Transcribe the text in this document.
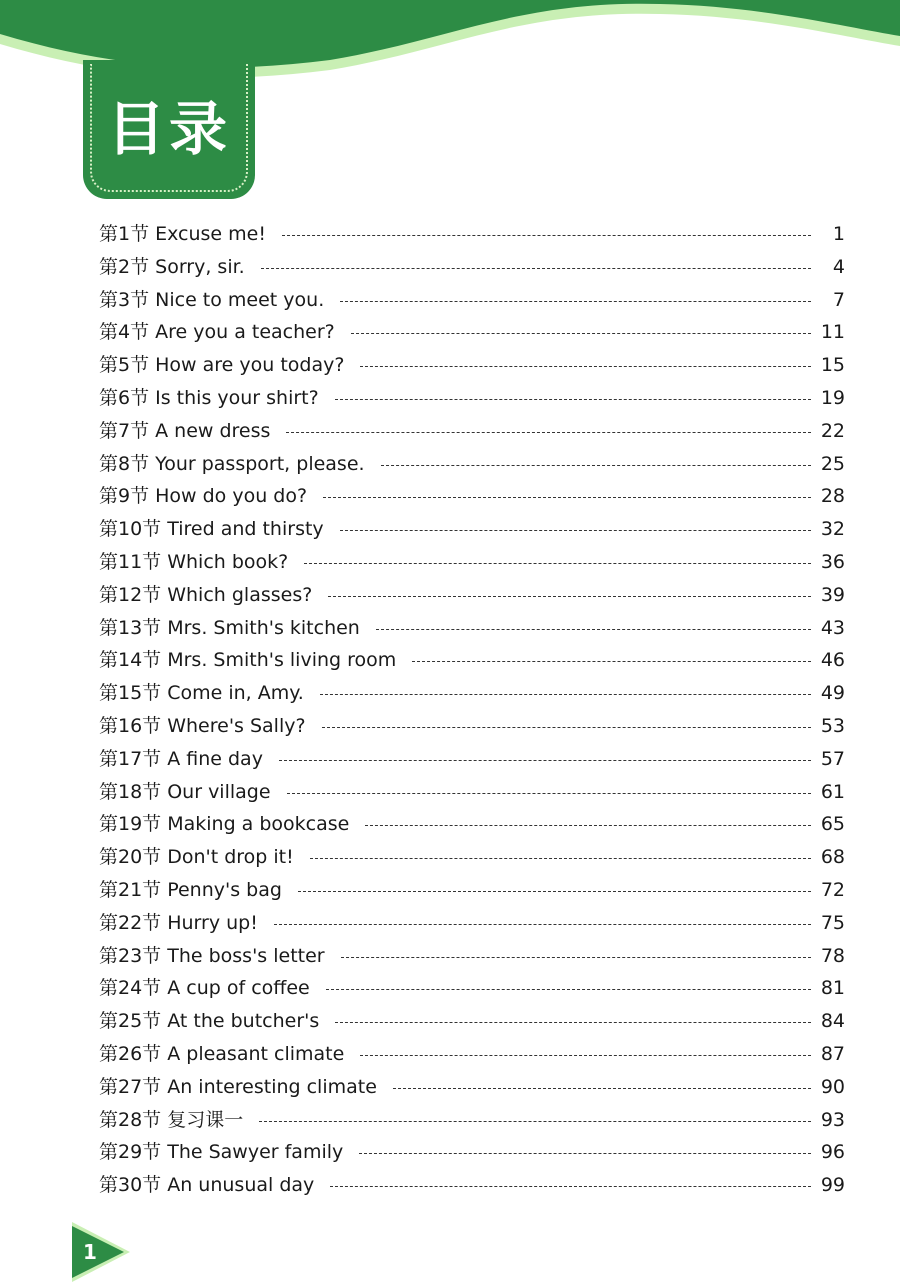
目录
第1节 Excuse me!	1
第2节 Sorry, sir.	4
第3节 Nice to meet you.	7
第4节 Are you a teacher?	11
第5节 How are you today?	15
第6节 Is this your shirt?	19
第7节 A new dress	22
第8节 Your passport, please.	25
第9节 How do you do?	28
第10节 Tired and thirsty	32
第11节 Which book?	36
第12节 Which glasses?	39
第13节 Mrs. Smith's kitchen	43
第14节 Mrs. Smith's living room	46
第15节 Come in, Amy.	49
第16节 Where's Sally?	53
第17节 A fine day	57
第18节 Our village	61
第19节 Making a bookcase	65
第20节 Don't drop it!	68
第21节 Penny's bag	72
第22节 Hurry up!	75
第23节 The boss's letter	78
第24节 A cup of coffee	81
第25节 At the butcher's	84
第26节 A pleasant climate	87
第27节 An interesting climate	90
第28节 复习课一	93
第29节 The Sawyer family	96
第30节 An unusual day	99
1
